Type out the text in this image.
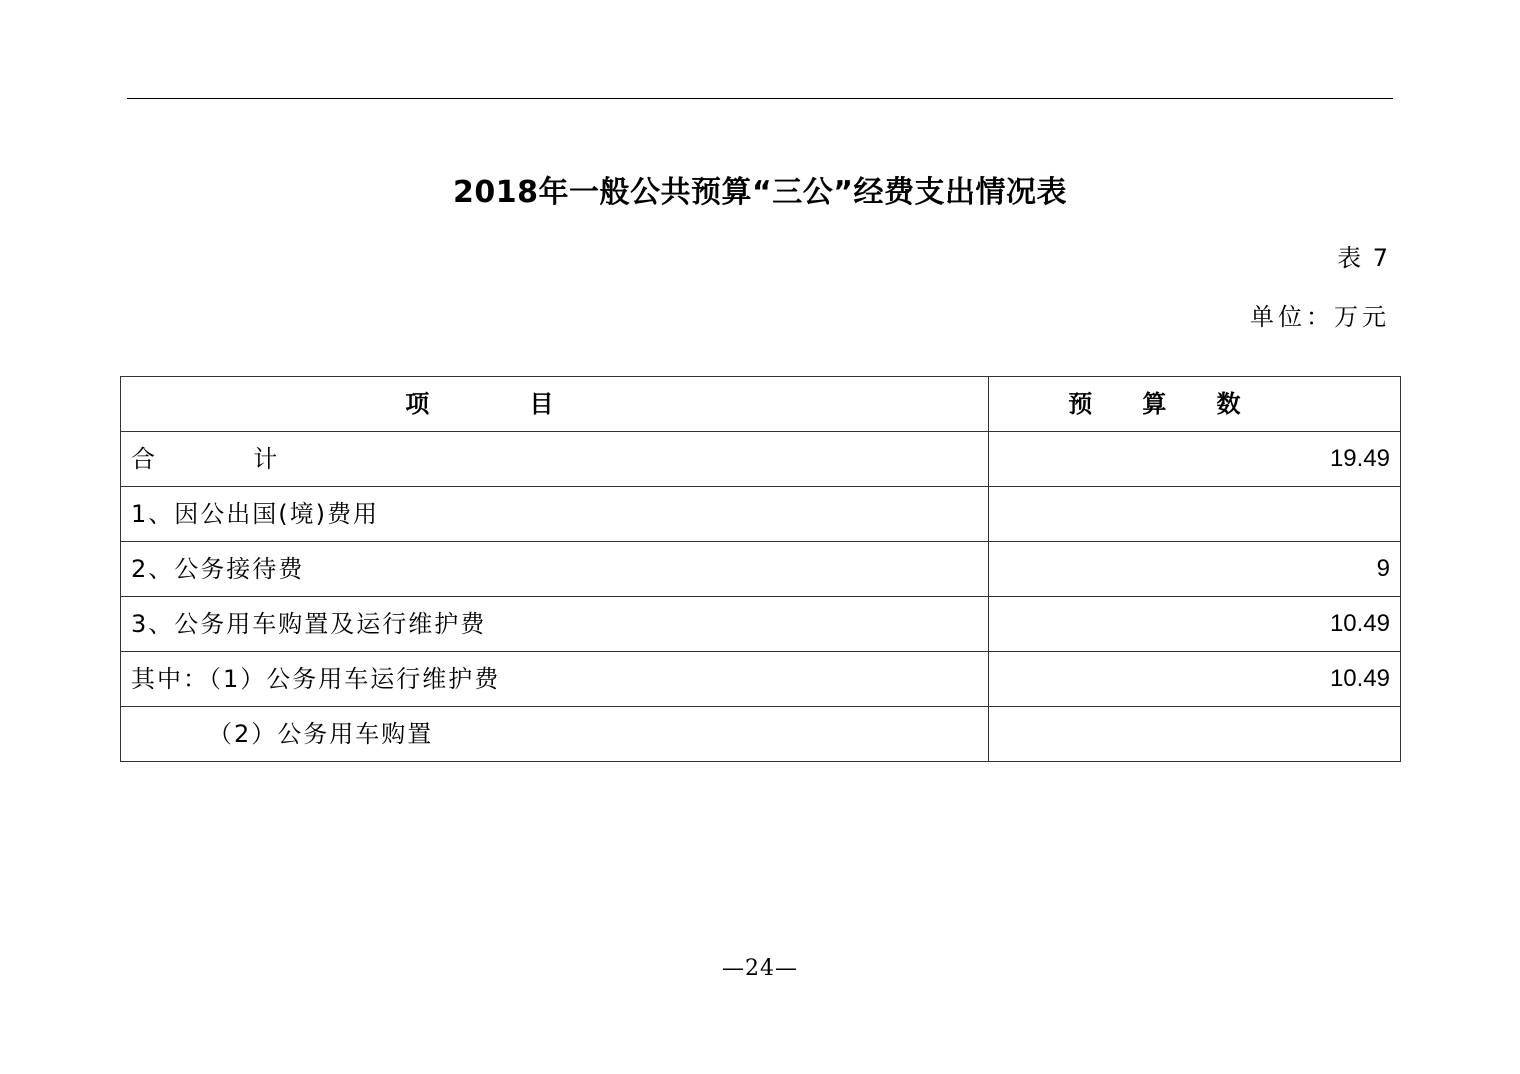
2018年一般公共预算“三公”经费支出情况表
表 7
单位：万元
项            目	预      算      数
合          计	19.49
1、因公出国(境)费用	
2、公务接待费	9
3、公务用车购置及运行维护费	10.49
其中：（1）公务用车运行维护费	10.49
（2）公务用车购置	
—24—
